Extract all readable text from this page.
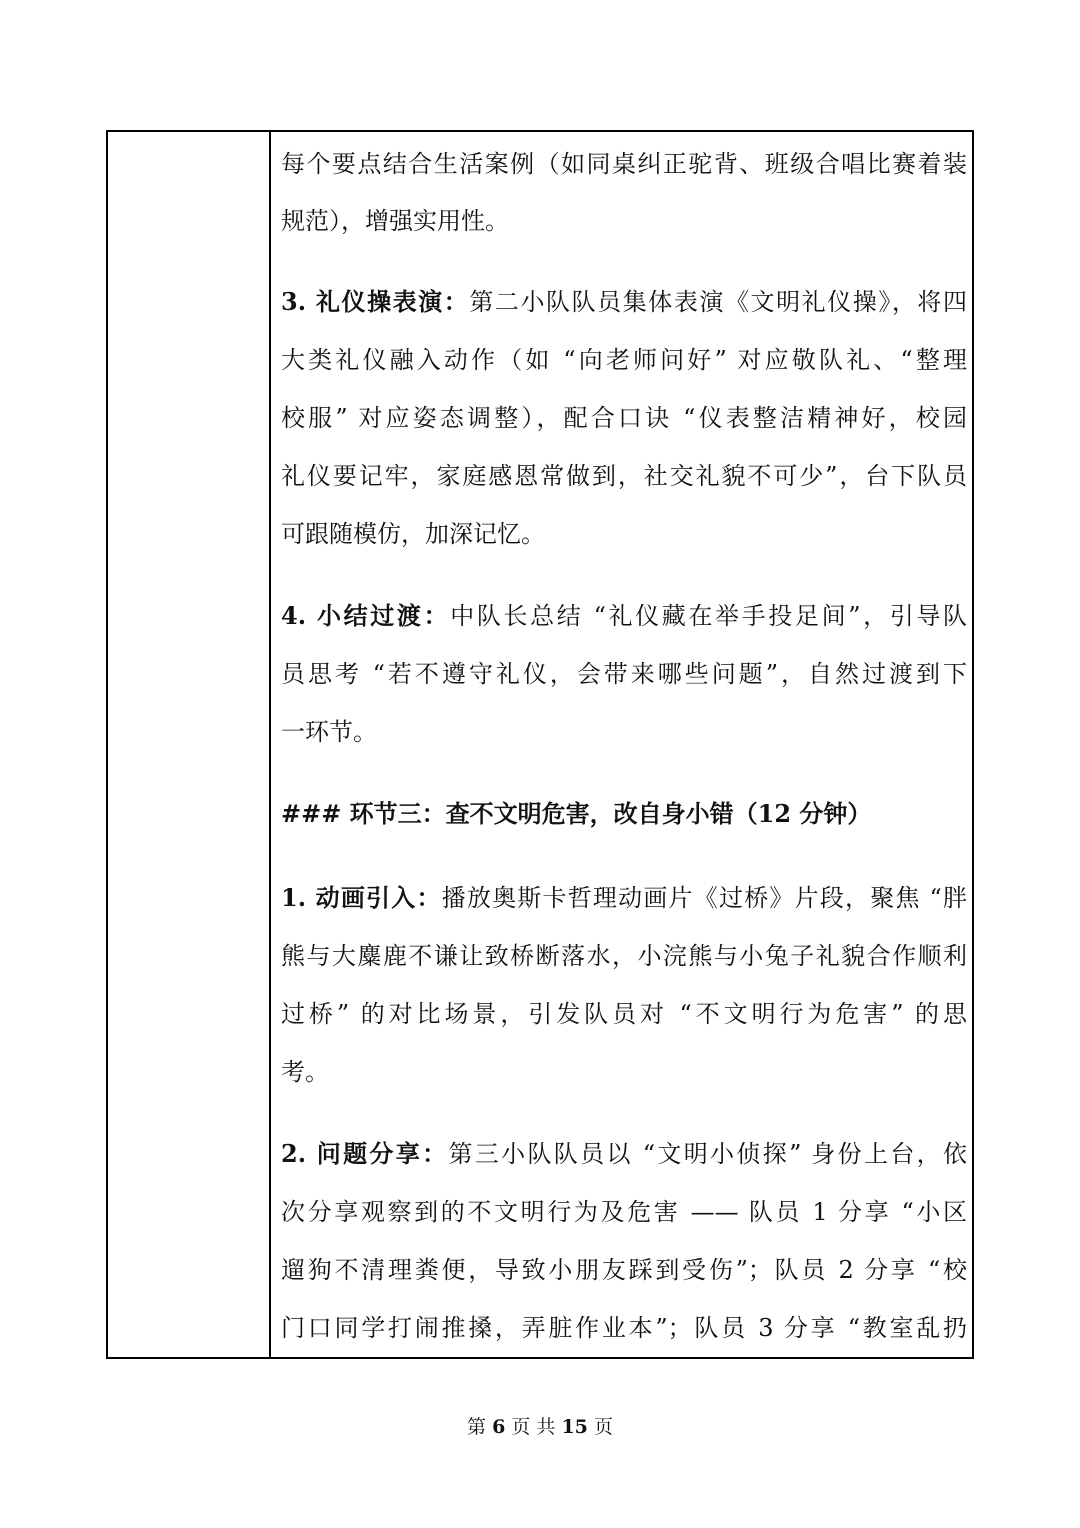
每个要点结合生活案例（如同桌纠正驼背、班级合唱比赛着装
规范），增强实用性。
3. 礼仪操表演：第二小队队员集体表演《文明礼仪操》，将四
大类礼仪融入动作（如 “向老师问好” 对应敬队礼、“整理
校服” 对应姿态调整），配合口诀 “仪表整洁精神好，校园
礼仪要记牢，家庭感恩常做到，社交礼貌不可少”，台下队员
可跟随模仿，加深记忆。
4. 小结过渡：中队长总结 “礼仪藏在举手投足间”，引导队
员思考 “若不遵守礼仪，会带来哪些问题”，自然过渡到下
一环节。
### 环节三：查不文明危害，改自身小错（12 分钟）
1. 动画引入：播放奥斯卡哲理动画片《过桥》片段，聚焦 “胖
熊与大麋鹿不谦让致桥断落水，小浣熊与小兔子礼貌合作顺利
过桥” 的对比场景，引发队员对 “不文明行为危害” 的思
考。
2. 问题分享：第三小队队员以 “文明小侦探” 身份上台，依
次分享观察到的不文明行为及危害 —— 队员 1 分享 “小区
遛狗不清理粪便，导致小朋友踩到受伤”；队员 2 分享 “校
门口同学打闹推搡，弄脏作业本”；队员 3 分享 “教室乱扔
第 6 页 共 15 页
